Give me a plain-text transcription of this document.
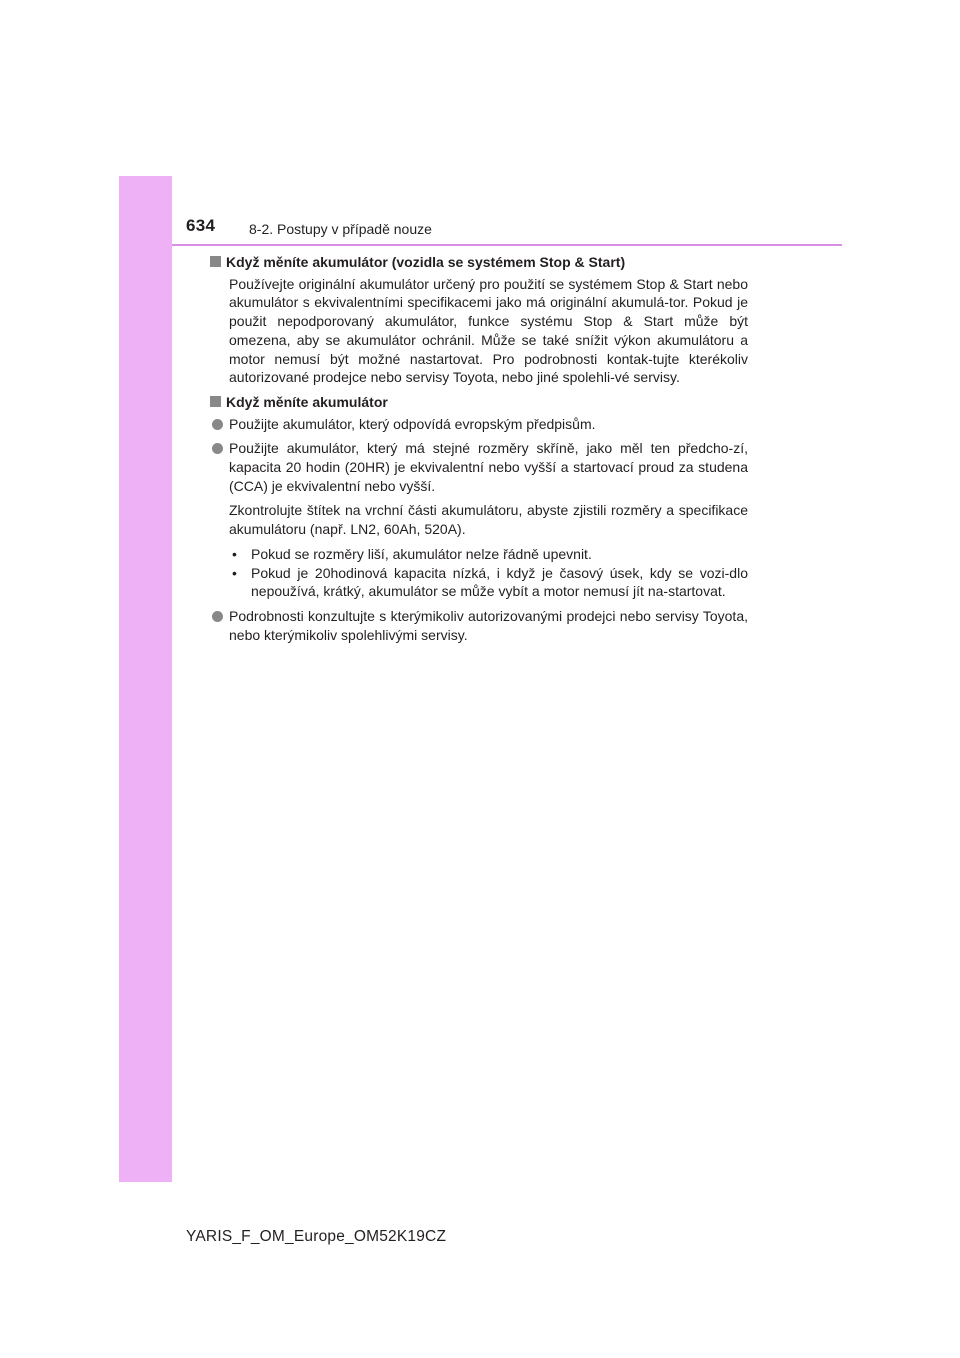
634 8-2. Postupy v případě nouze
Když měníte akumulátor (vozidla se systémem Stop & Start)
Používejte originální akumulátor určený pro použití se systémem Stop & Start nebo akumulátor s ekvivalentními specifikacemi jako má originální akumulá-tor. Pokud je použit nepodporovaný akumulátor, funkce systému Stop & Start může být omezena, aby se akumulátor ochránil. Může se také snížit výkon akumulátoru a motor nemusí být možné nastartovat. Pro podrobnosti kontak-tujte kterékoliv autorizované prodejce nebo servisy Toyota, nebo jiné spolehli-vé servisy.
Když měníte akumulátor
Použijte akumulátor, který odpovídá evropským předpisům.
Použijte akumulátor, který má stejné rozměry skříně, jako měl ten předcho-zí, kapacita 20 hodin (20HR) je ekvivalentní nebo vyšší a startovací proud za studena (CCA) je ekvivalentní nebo vyšší.
Zkontrolujte štítek na vrchní části akumulátoru, abyste zjistili rozměry a specifikace akumulátoru (např. LN2, 60Ah, 520A).
• Pokud se rozměry liší, akumulátor nelze řádně upevnit.
• Pokud je 20hodinová kapacita nízká, i když je časový úsek, kdy se vozi-dlo nepoužívá, krátký, akumulátor se může vybít a motor nemusí jít na-startovat.
Podrobnosti konzultujte s kterýmikoliv autorizovanými prodejci nebo servisy Toyota, nebo kterýmikoliv spolehlivými servisy.
YARIS_F_OM_Europe_OM52K19CZ
